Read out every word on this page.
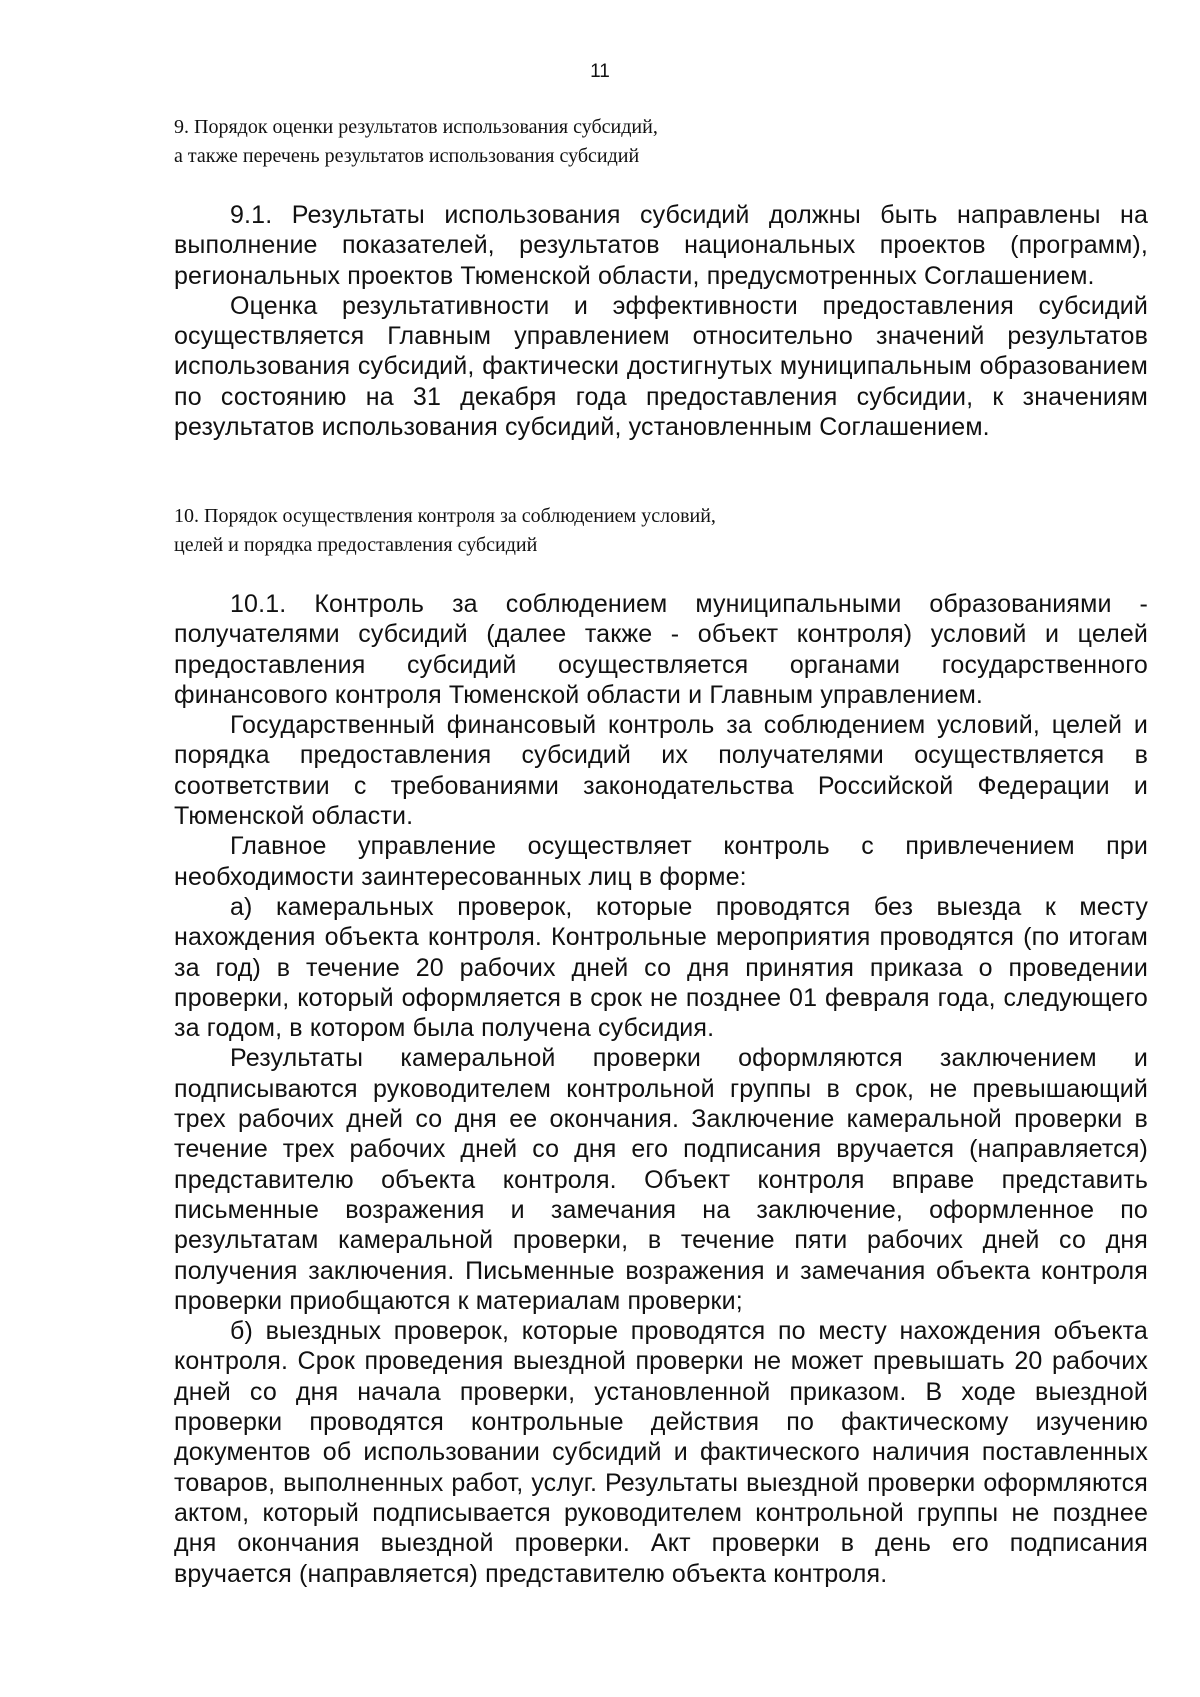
11
9. Порядок оценки результатов использования субсидий,
а также перечень результатов использования субсидий

9.1. Результаты использования субсидий должны быть направлены на выполнение показателей, результатов национальных проектов (программ), региональных проектов Тюменской области, предусмотренных Соглашением.

Оценка результативности и эффективности предоставления субсидий осуществляется Главным управлением относительно значений результатов использования субсидий, фактически достигнутых муниципальным образованием по состоянию на 31 декабря года предоставления субсидии, к значениям результатов использования субсидий, установленным Соглашением.

10. Порядок осуществления контроля за соблюдением условий,
целей и порядка предоставления субсидий

10.1. Контроль за соблюдением муниципальными образованиями - получателями субсидий (далее также - объект контроля) условий и целей предоставления субсидий осуществляется органами государственного финансового контроля Тюменской области и Главным управлением.

Государственный финансовый контроль за соблюдением условий, целей и порядка предоставления субсидий их получателями осуществляется в соответствии с требованиями законодательства Российской Федерации и Тюменской области.

Главное управление осуществляет контроль с привлечением при необходимости заинтересованных лиц в форме:

а) камеральных проверок, которые проводятся без выезда к месту нахождения объекта контроля. Контрольные мероприятия проводятся (по итогам за год) в течение 20 рабочих дней со дня принятия приказа о проведении проверки, который оформляется в срок не позднее 01 февраля года, следующего за годом, в котором была получена субсидия.

Результаты камеральной проверки оформляются заключением и подписываются руководителем контрольной группы в срок, не превышающий трех рабочих дней со дня ее окончания. Заключение камеральной проверки в течение трех рабочих дней со дня его подписания вручается (направляется) представителю объекта контроля. Объект контроля вправе представить письменные возражения и замечания на заключение, оформленное по результатам камеральной проверки, в течение пяти рабочих дней со дня получения заключения. Письменные возражения и замечания объекта контроля проверки приобщаются к материалам проверки;

б) выездных проверок, которые проводятся по месту нахождения объекта контроля. Срок проведения выездной проверки не может превышать 20 рабочих дней со дня начала проверки, установленной приказом. В ходе выездной проверки проводятся контрольные действия по фактическому изучению документов об использовании субсидий и фактического наличия поставленных товаров, выполненных работ, услуг. Результаты выездной проверки оформляются актом, который подписывается руководителем контрольной группы не позднее дня окончания выездной проверки. Акт проверки в день его подписания вручается (направляется) представителю объекта контроля.
